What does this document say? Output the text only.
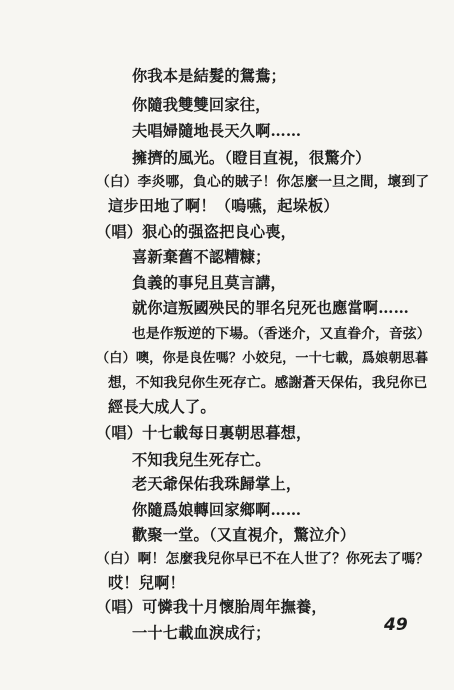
你我本是結髮的鴛鴦；
你隨我雙雙回家往，
夫唱婦隨地長天久啊……
擁擠的風光。（瞪目直視，很驚介）
（白）李炎哪，負心的賊子！你怎麼一旦之間，壞到了
這步田地了啊！（嗚嚥，起垛板）
（唱）狠心的强盗把良心喪，
喜新棄舊不認糟糠；
負義的事兒且莫言講，
就你這叛國殃民的罪名兒死也應當啊……
也是作叛逆的下場。（香迷介，又直眷介，音弦）
（白）噢，你是良佐嗎？小姣兒，一十七載，爲娘朝思暮
想，不知我兒你生死存亡。感謝蒼天保佑，我兒你已
經長大成人了。
（唱）十七載每日裏朝思暮想，
不知我兒生死存亡。
老天爺保佑我珠歸掌上，
你隨爲娘轉回家鄉啊……
歡聚一堂。（又直視介，驚泣介）
（白）啊！怎麼我兒你早已不在人世了？你死去了嗎？
哎！兒啊！
（唱）可憐我十月懷胎周年撫養，
一十七載血淚成行；	49
